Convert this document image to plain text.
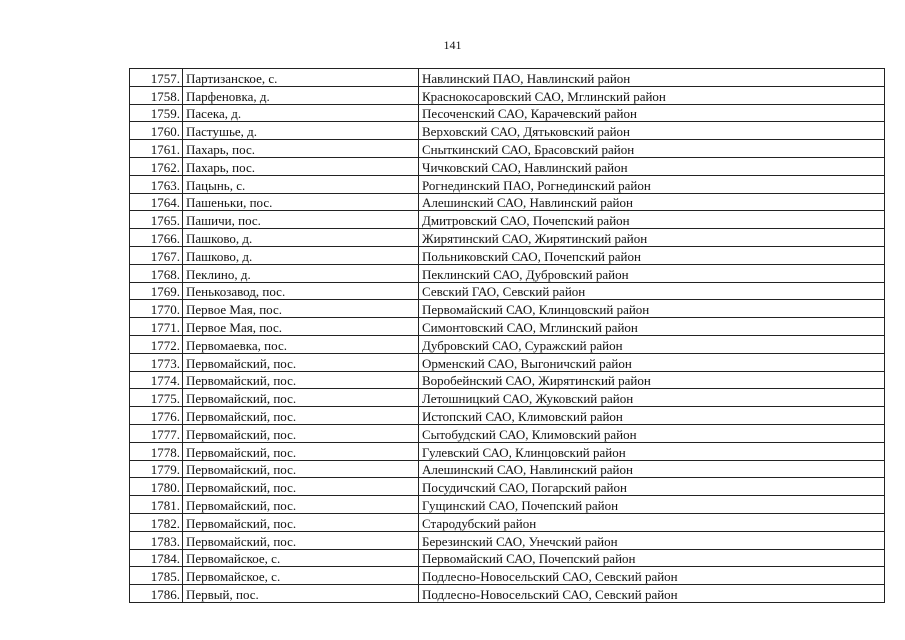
141
1757.	Партизанское, с.	Навлинский ПАО, Навлинский район
1758.	Парфеновка, д.	Краснокосаровский САО, Мглинский район
1759.	Пасека, д.	Песоченский САО, Карачевский район
1760.	Пастушье, д.	Верховский САО, Дятьковский район
1761.	Пахарь, пос.	Сныткинский САО, Брасовский район
1762.	Пахарь, пос.	Чичковский САО, Навлинский район
1763.	Пацынь, с.	Рогнединский ПАО, Рогнединский район
1764.	Пашеньки, пос.	Алешинский САО, Навлинский район
1765.	Пашичи, пос.	Дмитровский САО, Почепский район
1766.	Пашково, д.	Жирятинский САО, Жирятинский район
1767.	Пашково, д.	Польниковский САО, Почепский район
1768.	Пеклино, д.	Пеклинский САО, Дубровский район
1769.	Пенькозавод, пос.	Севский ГАО, Севский район
1770.	Первое Мая, пос.	Первомайский САО, Клинцовский район
1771.	Первое Мая, пос.	Симонтовский САО, Мглинский район
1772.	Первомаевка, пос.	Дубровский САО, Суражский район
1773.	Первомайский, пос.	Орменский САО, Выгоничский район
1774.	Первомайский, пос.	Воробейнский САО, Жирятинский район
1775.	Первомайский, пос.	Летошницкий САО, Жуковский район
1776.	Первомайский, пос.	Истопский САО, Климовский район
1777.	Первомайский, пос.	Сытобудский САО, Климовский район
1778.	Первомайский, пос.	Гулевский САО, Клинцовский район
1779.	Первомайский, пос.	Алешинский САО, Навлинский район
1780.	Первомайский, пос.	Посудичский САО, Погарский район
1781.	Первомайский, пос.	Гущинский САО, Почепский район
1782.	Первомайский, пос.	Стародубский район
1783.	Первомайский, пос.	Березинский САО, Унечский район
1784.	Первомайское, с.	Первомайский САО, Почепский район
1785.	Первомайское, с.	Подлесно-Новосельский САО, Севский район
1786.	Первый, пос.	Подлесно-Новосельский САО, Севский район
